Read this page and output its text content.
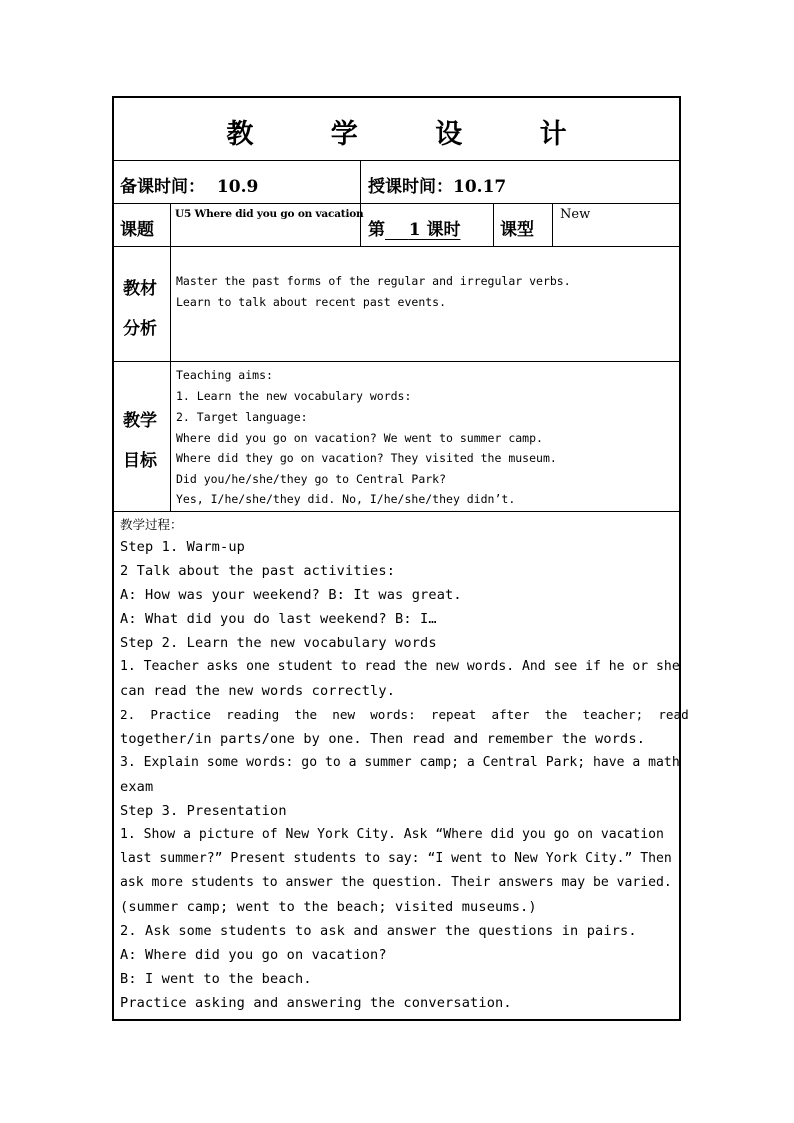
教 学 设 计
备课时间： 10.9	授课时间：10.17
课题
U5 Where did you go on vacation
第 1 课时 课型
New
教材
分析
Master the past forms of the regular and irregular verbs.
Learn to talk about recent past events.
教学
目标
Teaching aims:
1. Learn the new vocabulary words:
2. Target language:
Where did you go on vacation? We went to summer camp.
Where did they go on vacation? They visited the museum.
Did you/he/she/they go to Central Park?
Yes, I/he/she/they did. No, I/he/she/they didn’t.
教学过程：
Step 1. Warm-up
2 Talk about the past activities:
A: How was your weekend? B: It was great.
A: What did you do last weekend? B: I…
Step 2. Learn the new vocabulary words
1. Teacher asks one student to read the new words. And see if he or she
can read the new words correctly.
2.  Practice  reading  the  new  words:  repeat  after  the  teacher;  read
together/in parts/one by one. Then read and remember the words.
3. Explain some words: go to a summer camp; a Central Park; have a math
exam
Step 3. Presentation
1. Show a picture of New York City. Ask “Where did you go on vacation
last summer?” Present students to say: “I went to New York City.” Then
ask more students to answer the question. Their answers may be varied.
(summer camp; went to the beach; visited museums.)
2. Ask some students to ask and answer the questions in pairs.
A: Where did you go on vacation?
B: I went to the beach.
Practice asking and answering the conversation.
